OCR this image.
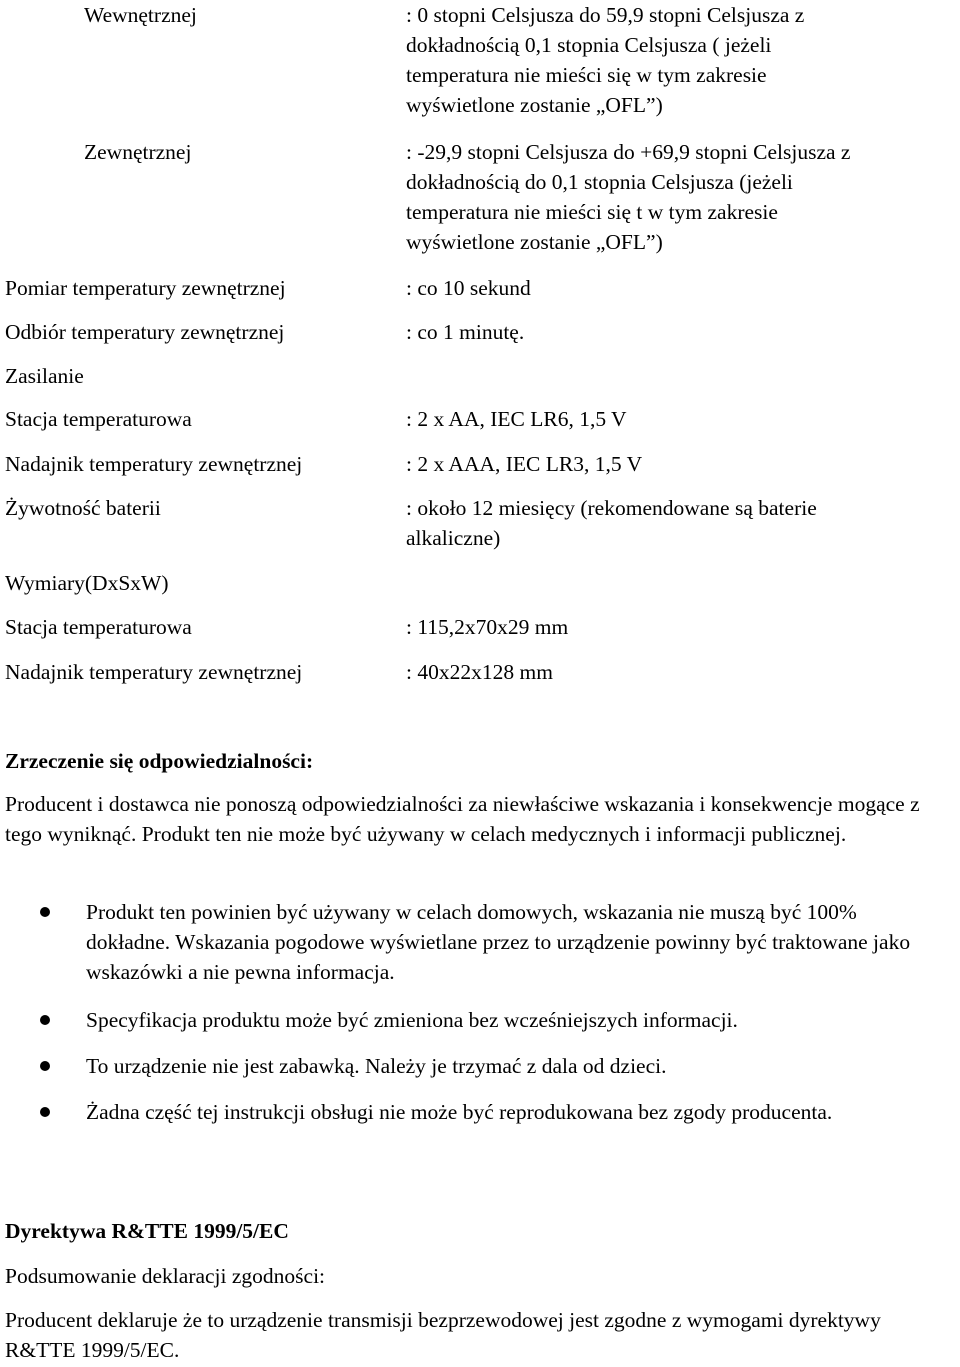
Wewnętrznej	: 0 stopni Celsjusza do 59,9 stopni Celsjusza z
dokładnością 0,1 stopnia Celsjusza ( jeżeli
temperatura nie mieści się w tym zakresie
wyświetlone zostanie „OFL”)
Zewnętrznej	: -29,9 stopni Celsjusza do +69,9 stopni Celsjusza z
dokładnością do 0,1 stopnia Celsjusza (jeżeli
temperatura nie mieści się t w tym zakresie
wyświetlone zostanie „OFL”)
Pomiar temperatury zewnętrznej	: co 10 sekund
Odbiór temperatury zewnętrznej	: co 1 minutę.
Zasilanie
Stacja temperaturowa	: 2 x AA, IEC LR6, 1,5 V
Nadajnik temperatury zewnętrznej	: 2 x AAA, IEC LR3, 1,5 V
Żywotność baterii	: około 12 miesięcy (rekomendowane są baterie
alkaliczne)
Wymiary(DxSxW)
Stacja temperaturowa	: 115,2x70x29 mm
Nadajnik temperatury zewnętrznej	: 40x22x128 mm
Zrzeczenie się odpowiedzialności:
Producent i dostawca nie ponoszą odpowiedzialności za niewłaściwe wskazania i konsekwencje mogące z tego wyniknąć. Produkt ten nie może być używany w celach medycznych i informacji publicznej.
Produkt ten powinien być używany w celach domowych, wskazania nie muszą być 100% dokładne. Wskazania pogodowe wyświetlane przez to urządzenie powinny być traktowane jako wskazówki a nie pewna informacja.
Specyfikacja produktu może być zmieniona bez wcześniejszych informacji.
To urządzenie nie jest zabawką. Należy je trzymać z dala od dzieci.
Żadna część tej instrukcji obsługi nie może być reprodukowana bez zgody producenta.
Dyrektywa R&TTE 1999/5/EC
Podsumowanie deklaracji zgodności:
Producent deklaruje że to urządzenie transmisji bezprzewodowej jest zgodne z wymogami dyrektywy R&TTE 1999/5/EC.
